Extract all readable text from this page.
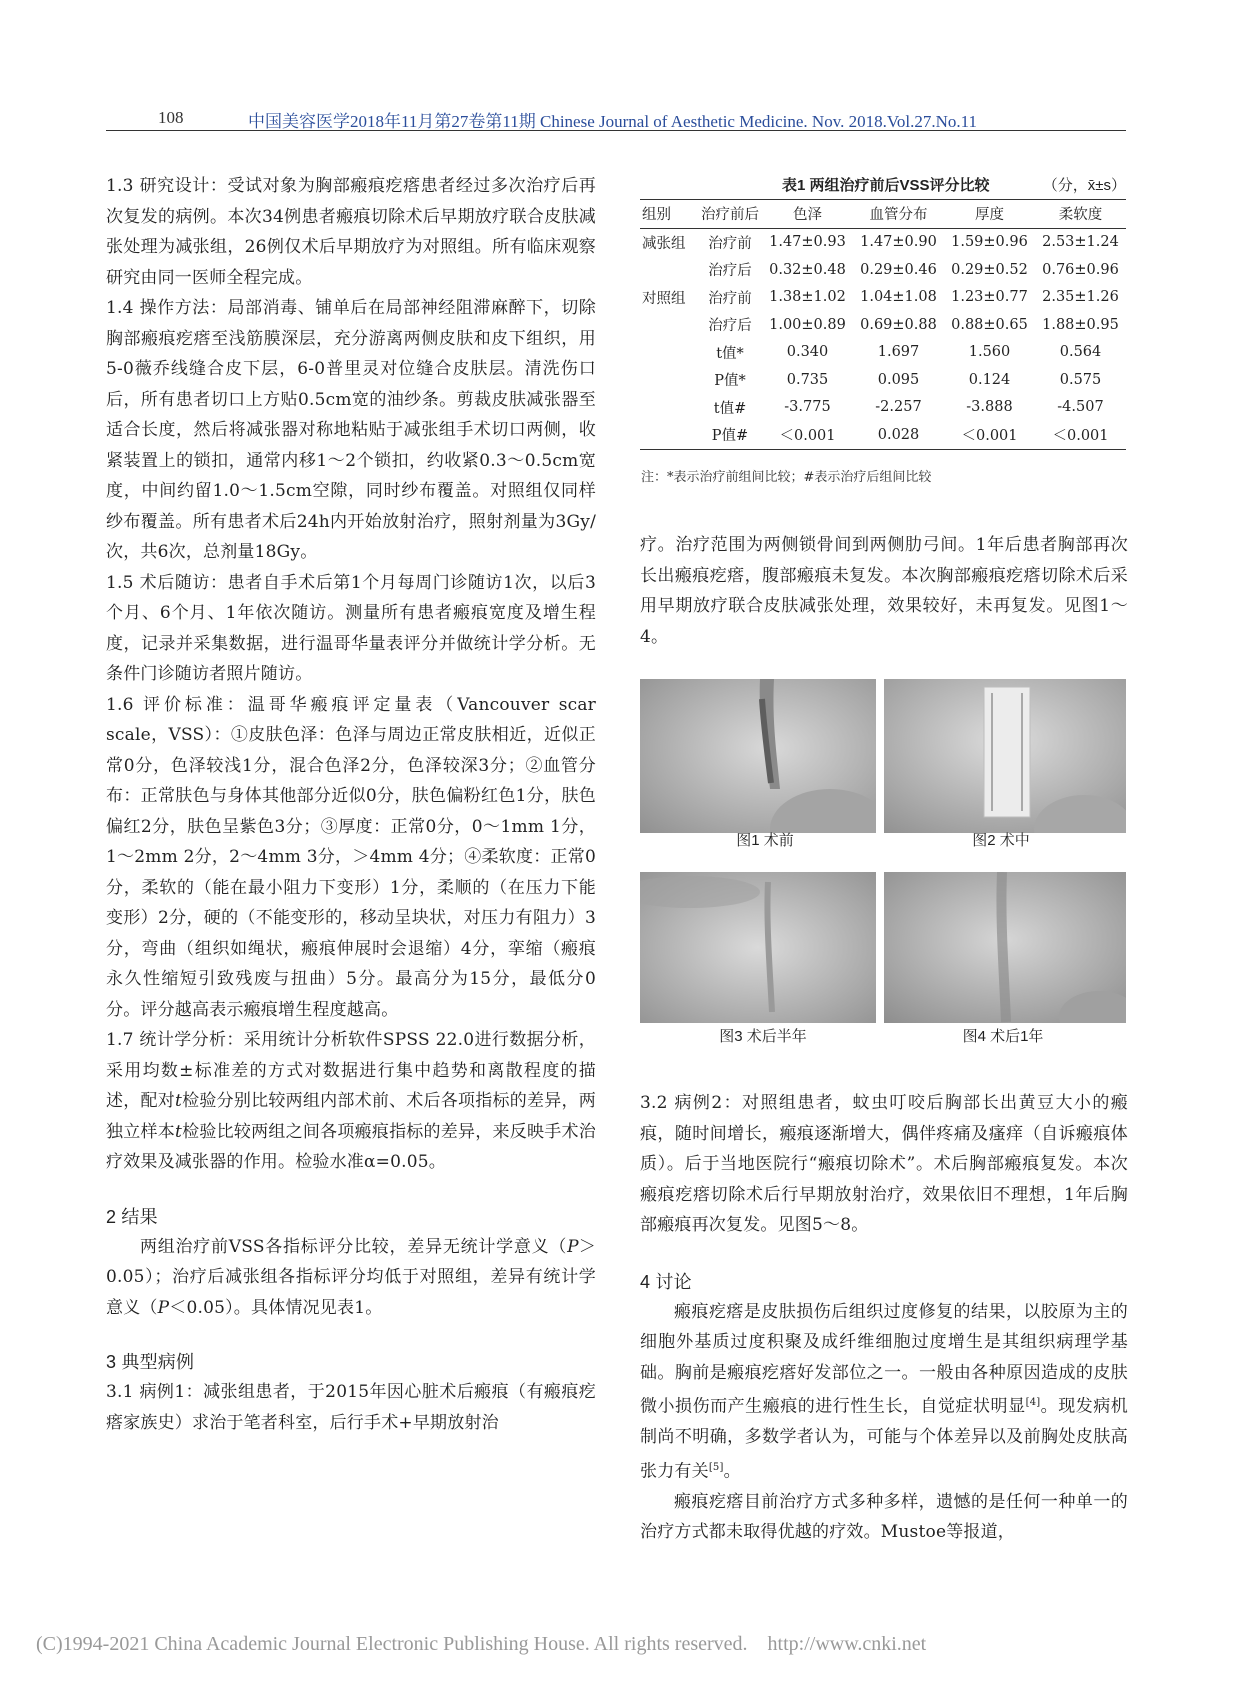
108	中国美容医学2018年11月第27卷第11期 Chinese Journal of Aesthetic Medicine. Nov. 2018.Vol.27.No.11

1.3 研究设计：受试对象为胸部瘢痕疙瘩患者经过多次治疗后再次复发的病例。本次34例患者瘢痕切除术后早期放疗联合皮肤减张处理为减张组，26例仅术后早期放疗为对照组。所有临床观察研究由同一医师全程完成。

1.4 操作方法：局部消毒、铺单后在局部神经阻滞麻醉下，切除胸部瘢痕疙瘩至浅筋膜深层，充分游离两侧皮肤和皮下组织，用5-0薇乔线缝合皮下层，6-0普里灵对位缝合皮肤层。清洗伤口后，所有患者切口上方贴0.5cm宽的油纱条。剪裁皮肤减张器至适合长度，然后将减张器对称地粘贴于减张组手术切口两侧，收紧装置上的锁扣，通常内移1～2个锁扣，约收紧0.3～0.5cm宽度，中间约留1.0～1.5cm空隙，同时纱布覆盖。对照组仅同样纱布覆盖。所有患者术后24h内开始放射治疗，照射剂量为3Gy/次，共6次，总剂量18Gy。

1.5 术后随访：患者自手术后第1个月每周门诊随访1次，以后3个月、6个月、1年依次随访。测量所有患者瘢痕宽度及增生程度，记录并采集数据，进行温哥华量表评分并做统计学分析。无条件门诊随访者照片随访。

1.6 评价标准：温哥华瘢痕评定量表（Vancouver scar scale，VSS）：①皮肤色泽：色泽与周边正常皮肤相近，近似正常0分，色泽较浅1分，混合色泽2分，色泽较深3分；②血管分布：正常肤色与身体其他部分近似0分，肤色偏粉红色1分，肤色偏红2分，肤色呈紫色3分；③厚度：正常0分，0～1mm 1分，1～2mm 2分，2～4mm 3分，＞4mm 4分；④柔软度：正常0分，柔软的（能在最小阻力下变形）1分，柔顺的（在压力下能变形）2分，硬的（不能变形的，移动呈块状，对压力有阻力）3分，弯曲（组织如绳状，瘢痕伸展时会退缩）4分，挛缩（瘢痕永久性缩短引致残废与扭曲）5分。最高分为15分，最低分0分。评分越高表示瘢痕增生程度越高。

1.7 统计学分析：采用统计分析软件SPSS 22.0进行数据分析，采用均数±标准差的方式对数据进行集中趋势和离散程度的描述，配对t检验分别比较两组内部术前、术后各项指标的差异，两独立样本t检验比较两组之间各项瘢痕指标的差异，来反映手术治疗效果及减张器的作用。检验水准α=0.05。

2 结果

两组治疗前VSS各指标评分比较，差异无统计学意义（P＞0.05）；治疗后减张组各指标评分均低于对照组，差异有统计学意义（P＜0.05）。具体情况见表1。

3 典型病例

3.1 病例1：减张组患者，于2015年因心脏术后瘢痕（有瘢痕疙瘩家族史）求治于笔者科室，后行手术+早期放射治

表1 两组治疗前后VSS评分比较	（分，x̄±s）
组别	治疗前后	色泽	血管分布	厚度	柔软度
减张组	治疗前	1.47±0.93	1.47±0.90	1.59±0.96	2.53±1.24
	治疗后	0.32±0.48	0.29±0.46	0.29±0.52	0.76±0.96
对照组	治疗前	1.38±1.02	1.04±1.08	1.23±0.77	2.35±1.26
	治疗后	1.00±0.89	0.69±0.88	0.88±0.65	1.88±0.95
	t值*	0.340	1.697	1.560	0.564
	P值*	0.735	0.095	0.124	0.575
	t值#	-3.775	-2.257	-3.888	-4.507
	P值#	＜0.001	0.028	＜0.001	＜0.001
注：*表示治疗前组间比较；#表示治疗后组间比较

疗。治疗范围为两侧锁骨间到两侧肋弓间。1年后患者胸部再次长出瘢痕疙瘩，腹部瘢痕未复发。本次胸部瘢痕疙瘩切除术后采用早期放疗联合皮肤减张处理，效果较好，未再复发。见图1～4。

图1 术前	图2 术中
图3 术后半年	图4 术后1年

3.2 病例2：对照组患者，蚊虫叮咬后胸部长出黄豆大小的瘢痕，随时间增长，瘢痕逐渐增大，偶伴疼痛及瘙痒（自诉瘢痕体质）。后于当地医院行“瘢痕切除术”。术后胸部瘢痕复发。本次瘢痕疙瘩切除术后行早期放射治疗，效果依旧不理想，1年后胸部瘢痕再次复发。见图5～8。

4 讨论

瘢痕疙瘩是皮肤损伤后组织过度修复的结果，以胶原为主的细胞外基质过度积聚及成纤维细胞过度增生是其组织病理学基础。胸前是瘢痕疙瘩好发部位之一。一般由各种原因造成的皮肤微小损伤而产生瘢痕的进行性生长，自觉症状明显[4]。现发病机制尚不明确，多数学者认为，可能与个体差异以及前胸处皮肤高张力有关[5]。

瘢痕疙瘩目前治疗方式多种多样，遗憾的是任何一种单一的治疗方式都未取得优越的疗效。Mustoe等报道，

(C)1994-2021 China Academic Journal Electronic Publishing House. All rights reserved.    http://www.cnki.net
